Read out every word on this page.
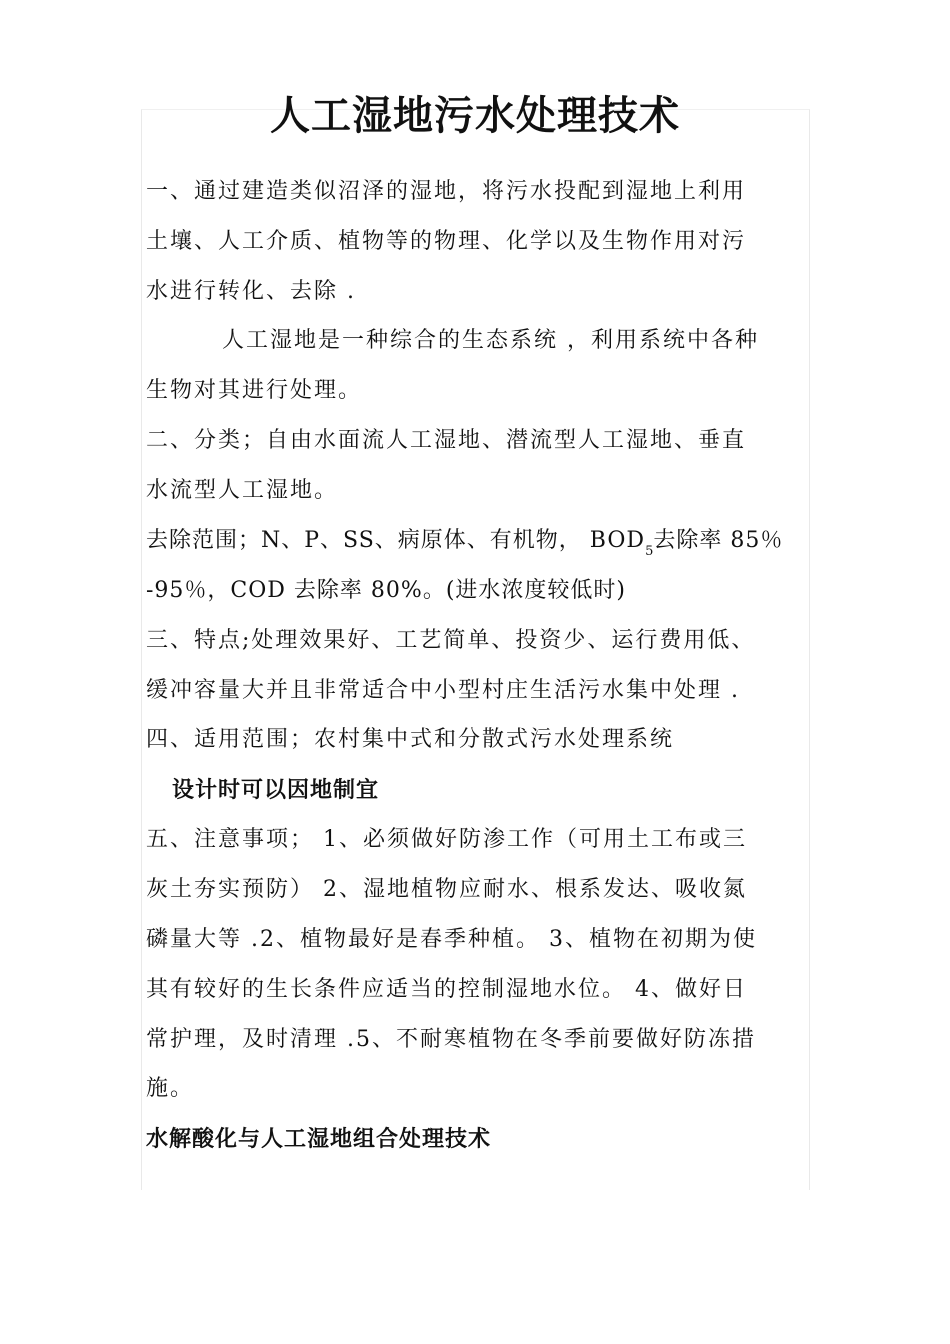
人工湿地污水处理技术

一、通过建造类似沼泽的湿地，将污水投配到湿地上利用

土壤、人工介质、植物等的物理、化学以及生物作用对污

水进行转化、去除 .

人工湿地是一种综合的生态系统 ，利用系统中各种

生物对其进行处理。

二、分类；自由水面流人工湿地、潜流型人工湿地、垂直

水流型人工湿地。

去除范围；N、P、SS、病原体、有机物， $BOD_5$去除率 85％

-95％，COD 去除率 80%。(进水浓度较低时)

三、特点;处理效果好、工艺简单、投资少、运行费用低、

缓冲容量大并且非常适合中小型村庄生活污水集中处理 .

四、适用范围；农村集中式和分散式污水处理系统

设计时可以因地制宜

五、注意事项； 1、必须做好防渗工作（可用土工布或三

灰土夯实预防） 2、湿地植物应耐水、根系发达、吸收氮

磷量大等 .2、植物最好是春季种植。 3、植物在初期为使

其有较好的生长条件应适当的控制湿地水位。 4、做好日

常护理，及时清理 .5、不耐寒植物在冬季前要做好防冻措

施。

水解酸化与人工湿地组合处理技术
